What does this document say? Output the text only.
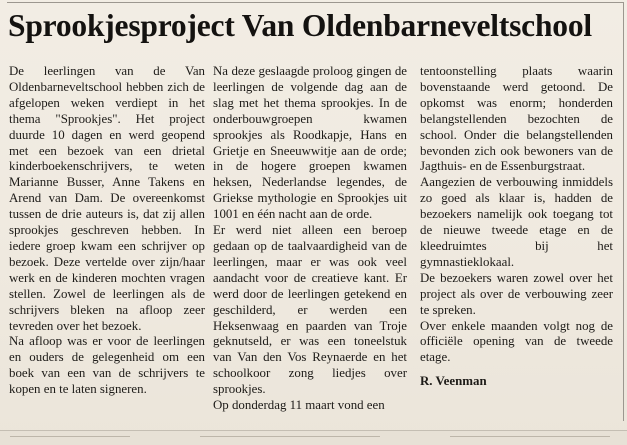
Sprookjesproject Van Oldenbarneveltschool

De leerlingen van de Van Oldenbarneveltschool hebben zich de afgelopen weken verdiept in het thema "Sprookjes". Het project duurde 10 dagen en werd geopend met een bezoek van een drietal kinderboekenschrijvers, te weten Marianne Busser, Anne Takens en Arend van Dam. De overeenkomst tussen de drie auteurs is, dat zij allen sprookjes geschreven hebben. In iedere groep kwam een schrijver op bezoek. Deze vertelde over zijn/haar werk en de kinderen mochten vragen stellen. Zowel de leerlingen als de schrijvers bleken na afloop zeer tevreden over het bezoek.

Na afloop was er voor de leerlingen en ouders de gelegenheid om een boek van een van de schrijvers te kopen en te laten signeren.

Na deze geslaagde proloog gingen de leerlingen de volgende dag aan de slag met het thema sprookjes. In de onderbouwgroepen kwamen sprookjes als Roodkapje, Hans en Grietje en Sneeuwwitje aan de orde; in de hogere groepen kwamen heksen, Nederlandse legendes, de Griekse mythologie en Sprookjes uit 1001 en één nacht aan de orde.

Er werd niet alleen een beroep gedaan op de taalvaardigheid van de leerlingen, maar er was ook veel aandacht voor de creatieve kant. Er werd door de leerlingen getekend en geschilderd, er werden een Heksenwaag en paarden van Troje geknutseld, er was een toneelstuk van Van den Vos Reynaerde en het schoolkoor zong liedjes over sprookjes.

Op donderdag 11 maart vond een

tentoonstelling plaats waarin bovenstaande werd getoond. De opkomst was enorm; honderden belangstellenden bezochten de school. Onder die belangstellenden bevonden zich ook bewoners van de Jagthuis- en de Essenburgstraat.

Aangezien de verbouwing inmiddels zo goed als klaar is, hadden de bezoekers namelijk ook toegang tot de nieuwe tweede etage en de kleedruimtes bij het gymnastieklokaal.

De bezoekers waren zowel over het project als over de verbouwing zeer te spreken.

Over enkele maanden volgt nog de officiële opening van de tweede etage.

R. Veenman
